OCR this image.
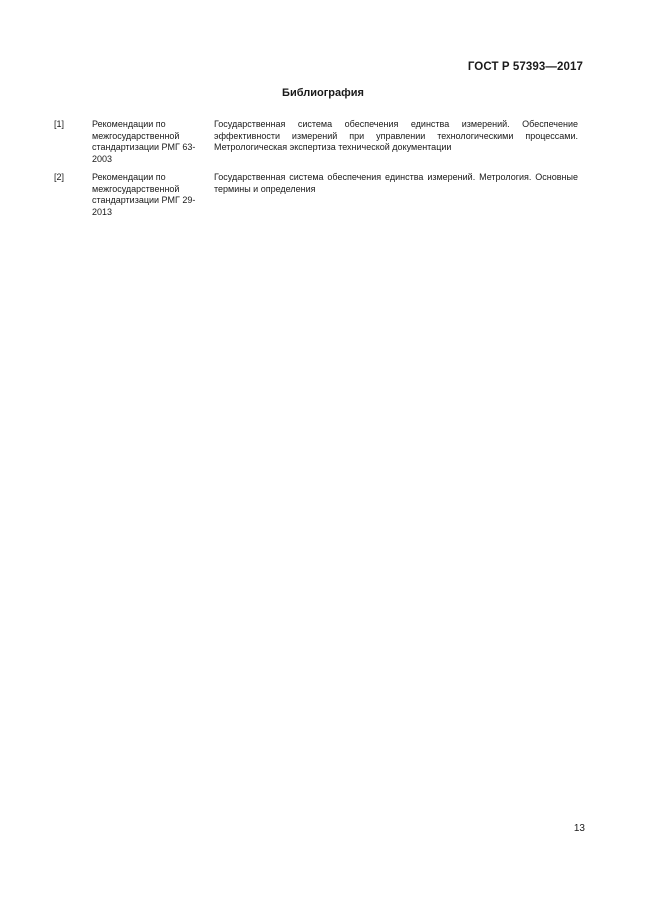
ГОСТ Р 57393—2017
Библиография
[1]	Рекомендации по межгосударственной стандартизации РМГ 63-2003
Государственная система обеспечения единства измерений. Обеспечение эффективности измерений при управлении технологическими процессами. Метрологическая экспертиза технической документации
[2]	Рекомендации по межгосударственной стандартизации РМГ 29-2013
Государственная система обеспечения единства измерений. Метрология. Основные термины и определения
13
